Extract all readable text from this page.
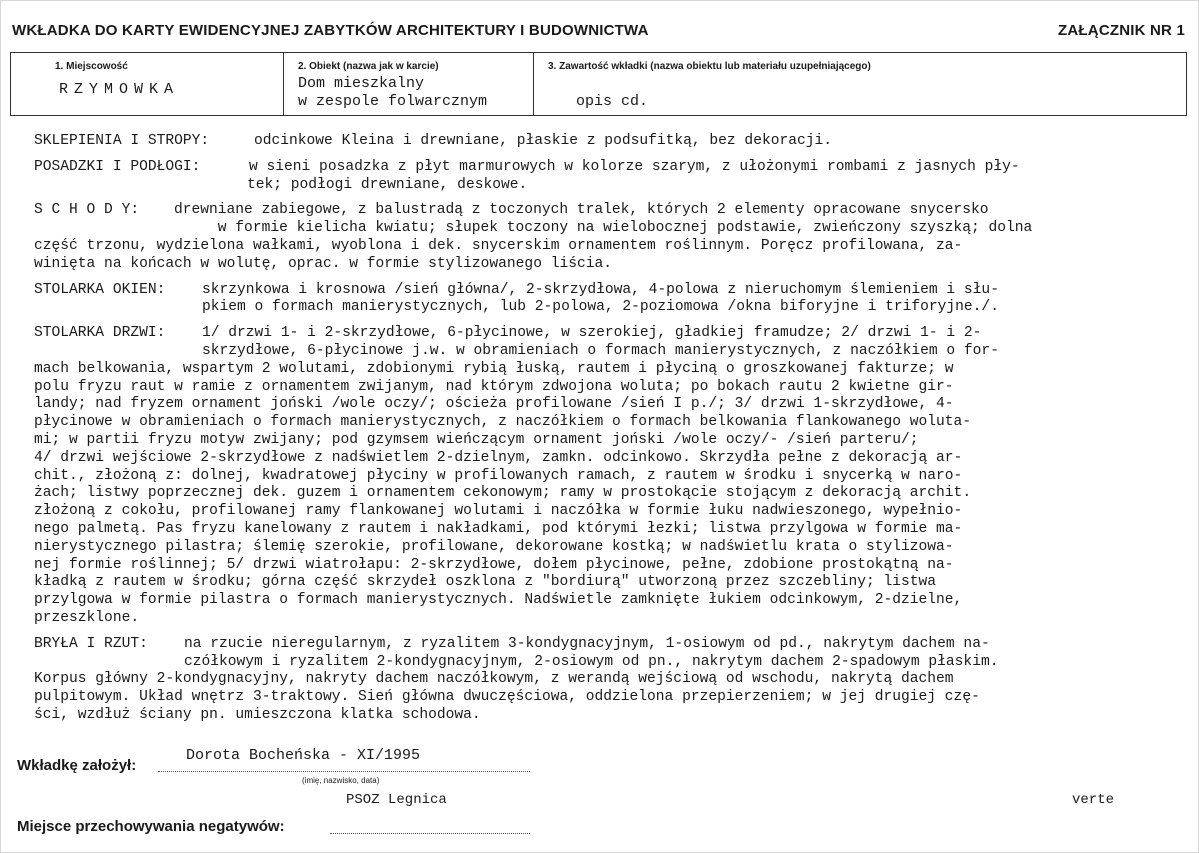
WKŁADKA DO KARTY EWIDENCYJNEJ ZABYTKÓW ARCHITEKTURY I BUDOWNICTWA	ZAŁĄCZNIK NR 1
1. Miejscowość
RZYMOWKA
2. Obiekt (nazwa jak w karcie)
Dom mieszkalny
w zespole folwarcznym
3. Zawartość wkładki (nazwa obiektu lub materiału uzupełniającego)
opis cd.
odcinkowe Kleina i drewniane, płaskie z podsufitką, bez dekoracji.
SKLEPIENIA I STROPY:
w sieni posadzka z płyt marmurowych w kolorze szarym, z ułożonymi rombami z jasnych pły-
tek; podłogi drewniane, deskowe.
POSADZKI I PODŁOGI:
drewniane zabiegowe, z balustradą z toczonych tralek, których 2 elementy opracowane snycersko
w formie kielicha kwiatu; słupek toczony na wielobocznej podstawie, zwieńczony szyszką; dolna
część trzonu, wydzielona wałkami, wyoblona i dek. snycerskim ornamentem roślinnym. Poręcz profilowana, za-
winięta na końcach w wolutę, oprac. w formie stylizowanego liścia.
S C H O D Y:
skrzynkowa i krosnowa /sień główna/, 2-skrzydłowa, 4-polowa z nieruchomym ślemieniem i słu-
pkiem o formach manierystycznych, lub 2-polowa, 2-poziomowa /okna biforyjne i triforyjne./.
STOLARKA OKIEN:
1/ drzwi 1- i 2-skrzydłowe, 6-płycinowe, w szerokiej, gładkiej framudze; 2/ drzwi 1- i 2-
skrzydłowe, 6-płycinowe j.w. w obramieniach o formach manierystycznych, z naczółkiem o for-
mach belkowania, wspartym 2 wolutami, zdobionymi rybią łuską, rautem i płyciną o groszkowanej fakturze; w
polu fryzu raut w ramie z ornamentem zwijanym, nad którym zdwojona woluta; po bokach rautu 2 kwietne gir-
landy; nad fryzem ornament joński /wole oczy/; ościeża profilowane /sień I p./; 3/ drzwi 1-skrzydłowe, 4-
płycinowe w obramieniach o formach manierystycznych, z naczółkiem o formach belkowania flankowanego woluta-
mi; w partii fryzu motyw zwijany; pod gzymsem wieńczącym ornament joński /wole oczy/- /sień parteru/;
4/ drzwi wejściowe 2-skrzydłowe z nadświetlem 2-dzielnym, zamkn. odcinkowo. Skrzydła pełne z dekoracją ar-
chit., złożoną z: dolnej, kwadratowej płyciny w profilowanych ramach, z rautem w środku i snycerką w naro-
żach; listwy poprzecznej dek. guzem i ornamentem cekonowym; ramy w prostokącie stojącym z dekoracją archit.
złożoną z cokołu, profilowanej ramy flankowanej wolutami i naczółka w formie łuku nadwieszonego, wypełnio-
nego palmetą. Pas fryzu kanelowany z rautem i nakładkami, pod którymi łezki; listwa przylgowa w formie ma-
nierystycznego pilastra; ślemię szerokie, profilowane, dekorowane kostką; w nadświetlu krata o stylizowa-
nej formie roślinnej; 5/ drzwi wiatrołapu: 2-skrzydłowe, dołem płycinowe, pełne, zdobione prostokątną na-
kładką z rautem w środku; górna część skrzydeł oszklona z "bordiurą" utworzoną przez szczebliny; listwa
przylgowa w formie pilastra o formach manierystycznych. Nadświetle zamknięte łukiem odcinkowym, 2-dzielne,
przeszklone.
STOLARKA DRZWI:
na rzucie nieregularnym, z ryzalitem 3-kondygnacyjnym, 1-osiowym od pd., nakrytym dachem na-
czółkowym i ryzalitem 2-kondygnacyjnym, 2-osiowym od pn., nakrytym dachem 2-spadowym płaskim.
Korpus główny 2-kondygnacyjny, nakryty dachem naczółkowym, z werandą wejściową od wschodu, nakrytą dachem
pulpitowym. Układ wnętrz 3-traktowy. Sień główna dwuczęściowa, oddzielona przepierzeniem; w jej drugiej czę-
ści, wzdłuż ściany pn. umieszczona klatka schodowa.
BRYŁA I RZUT:
Wkładkę założył:
Dorota Bocheńska - XI/1995
(imię, nazwisko, data)
PSOZ Legnica	verte
Miejsce przechowywania negatywów:
